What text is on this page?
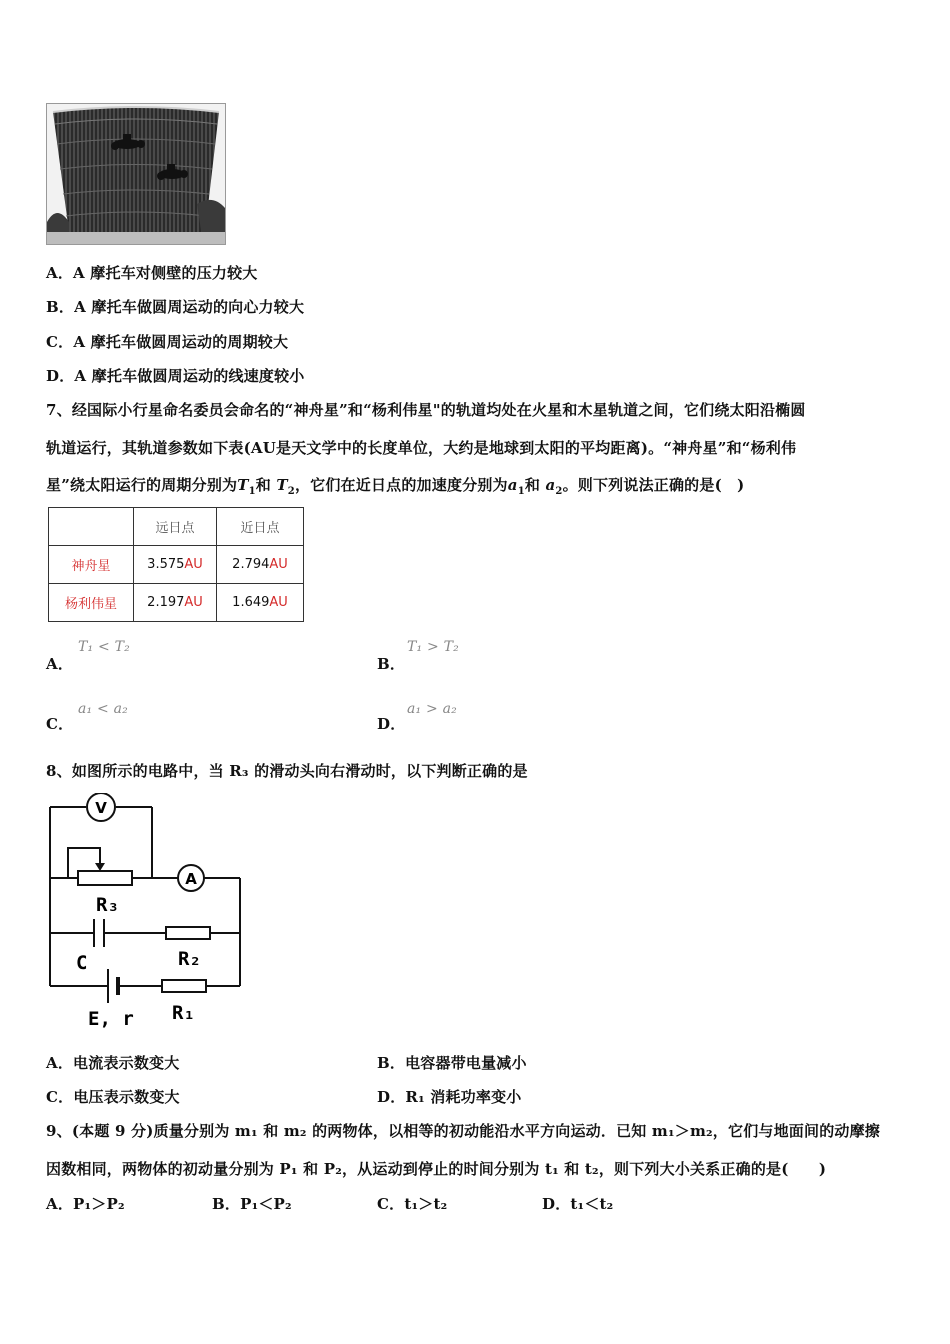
A．A 摩托车对侧壁的压力较大
B．A 摩托车做圆周运动的向心力较大
C．A 摩托车做圆周运动的周期较大
D．A 摩托车做圆周运动的线速度较小
7、经国际小行星命名委员会命名的“神舟星”和“杨利伟星"的轨道均处在火星和木星轨道之间，它们绕太阳沿椭圆
轨道运行，其轨道参数如下表(AU是天文学中的长度单位，大约是地球到太阳的平均距离)。“神舟星”和“杨利伟
星”绕太阳运行的周期分别为$T_1$和 $T_2$，它们在近日点的加速度分别为$a_1$和 $a_2$。则下列说法正确的是(　)
	远日点	近日点
神舟星	3.575AU	2.794AU
杨利伟星	2.197AU	1.649AU
A．
T₁ < T₂
B．
T₁ > T₂
C．
a₁ < a₂
D．
a₁ > a₂
8、如图所示的电路中，当 R₃ 的滑动头向右滑动时，以下判断正确的是
V
A
R₃
R₂
C
E, r R₁
A．电流表示数变大	B．电容器带电量减小
C．电压表示数变大	D．R₁ 消耗功率变小
9、(本题 9 分)质量分别为 m₁ 和 m₂ 的两物体，以相等的初动能沿水平方向运动．已知 m₁＞m₂，它们与地面间的动摩擦
因数相同，两物体的初动量分别为 P₁ 和 P₂，从运动到停止的时间分别为 t₁ 和 t₂，则下列大小关系正确的是(　　)
A．P₁＞P₂	B．P₁＜P₂	C．t₁＞t₂	D．t₁＜t₂
